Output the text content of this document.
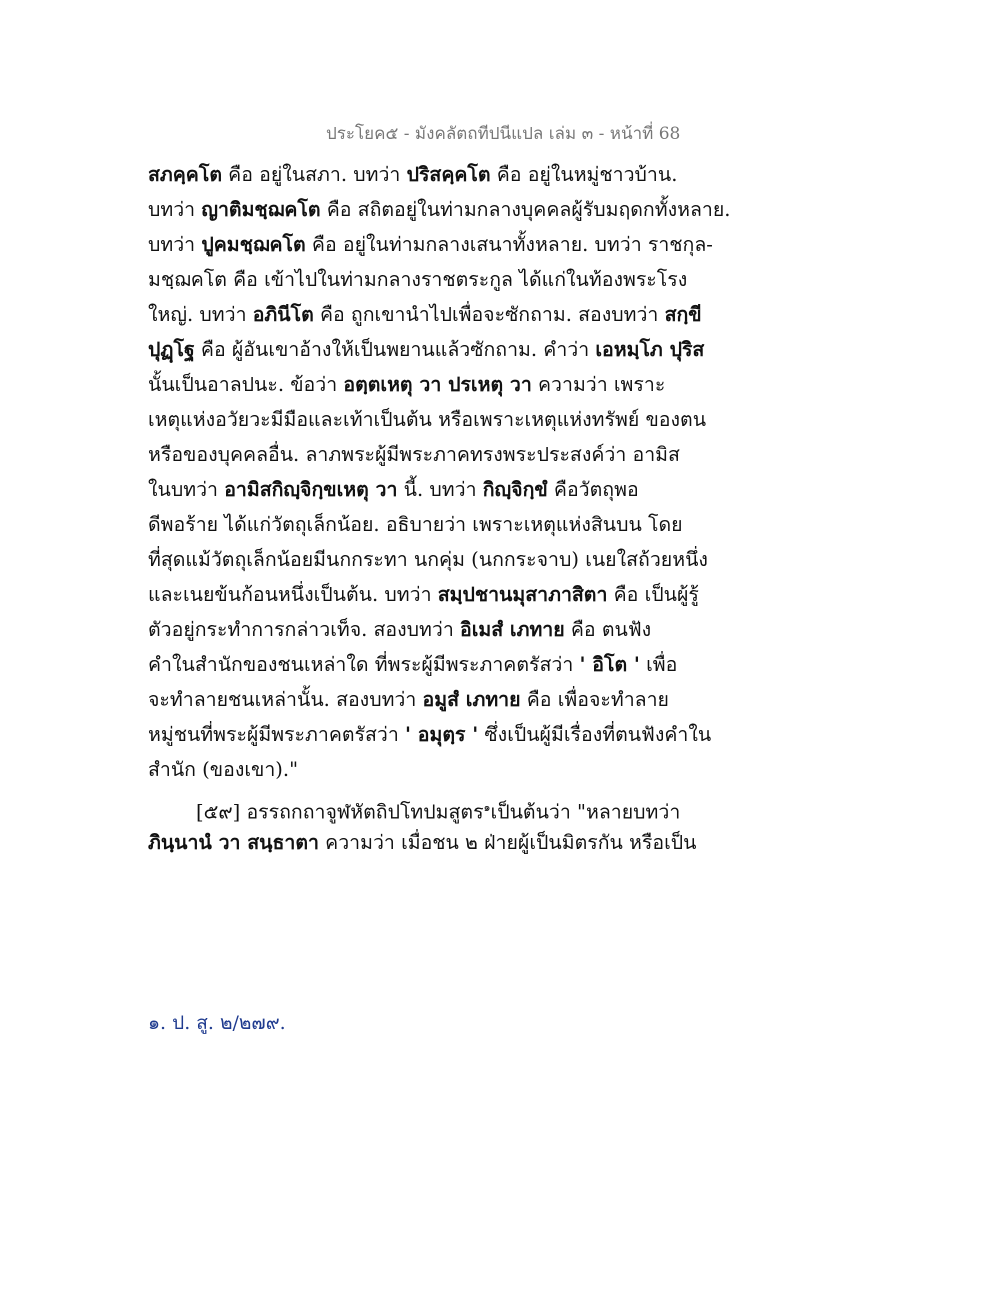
ประโยค๕ - มังคลัตถทีปนีแปล เล่ม ๓ - หน้าที่ 68
สภคฺคโต คือ อยู่ในสภา. บทว่า ปริสคฺคโต คือ อยู่ในหมู่ชาวบ้าน.
บทว่า ญาติมชฺฌคโต คือ สถิตอยู่ในท่ามกลางบุคคลผู้รับมฤดกทั้งหลาย.
บทว่า ปูคมชฺฌคโต คือ อยู่ในท่ามกลางเสนาทั้งหลาย. บทว่า ราชกุล-
มชฺฌคโต คือ เข้าไปในท่ามกลางราชตระกูล ได้แก่ในท้องพระโรง
ใหญ่. บทว่า อภินีโต คือ ถูกเขานำไปเพื่อจะซักถาม. สองบทว่า สกฺขี
ปุฏฺโฐ คือ ผู้อันเขาอ้างให้เป็นพยานแล้วซักถาม. คำว่า เอหมฺโภ ปุริส
นั้นเป็นอาลปนะ. ข้อว่า อตฺตเหตุ วา ปรเหตุ วา ความว่า เพราะ
เหตุแห่งอวัยวะมีมือและเท้าเป็นต้น หรือเพราะเหตุแห่งทรัพย์ ของตน
หรือของบุคคลอื่น. ลาภพระผู้มีพระภาคทรงพระประสงค์ว่า อามิส
ในบทว่า อามิสกิญฺจิกฺขเหตุ วา นี้. บทว่า กิญฺจิกฺขํ คือวัตถุพอ
ดีพอร้าย ได้แก่วัตถุเล็กน้อย. อธิบายว่า เพราะเหตุแห่งสินบน โดย
ที่สุดแม้วัตถุเล็กน้อยมีนกกระทา นกคุ่ม (นกกระจาบ) เนยใสถ้วยหนึ่ง
และเนยข้นก้อนหนึ่งเป็นต้น. บทว่า สมฺปชานมุสาภาสิตา คือ เป็นผู้รู้
ตัวอยู่กระทำการกล่าวเท็จ. สองบทว่า อิเมสํ เภทาย คือ ตนฟัง
คำในสำนักของชนเหล่าใด ที่พระผู้มีพระภาคตรัสว่า ' อิโต ' เพื่อ
จะทำลายชนเหล่านั้น. สองบทว่า อมูสํ เภทาย คือ เพื่อจะทำลาย
หมู่ชนที่พระผู้มีพระภาคตรัสว่า ' อมุตฺร ' ซึ่งเป็นผู้มีเรื่องที่ตนฟังคำใน
สำนัก (ของเขา)."
[๕๙] อรรถกถาจูฬหัตถิปโทปมสูตร$^๑$เป็นต้นว่า "หลายบทว่า
ภินฺนานํ วา สนฺธาตา ความว่า เมื่อชน ๒ ฝ่ายผู้เป็นมิตรกัน หรือเป็น
๑. ป. สู. ๒/๒๗๙.
